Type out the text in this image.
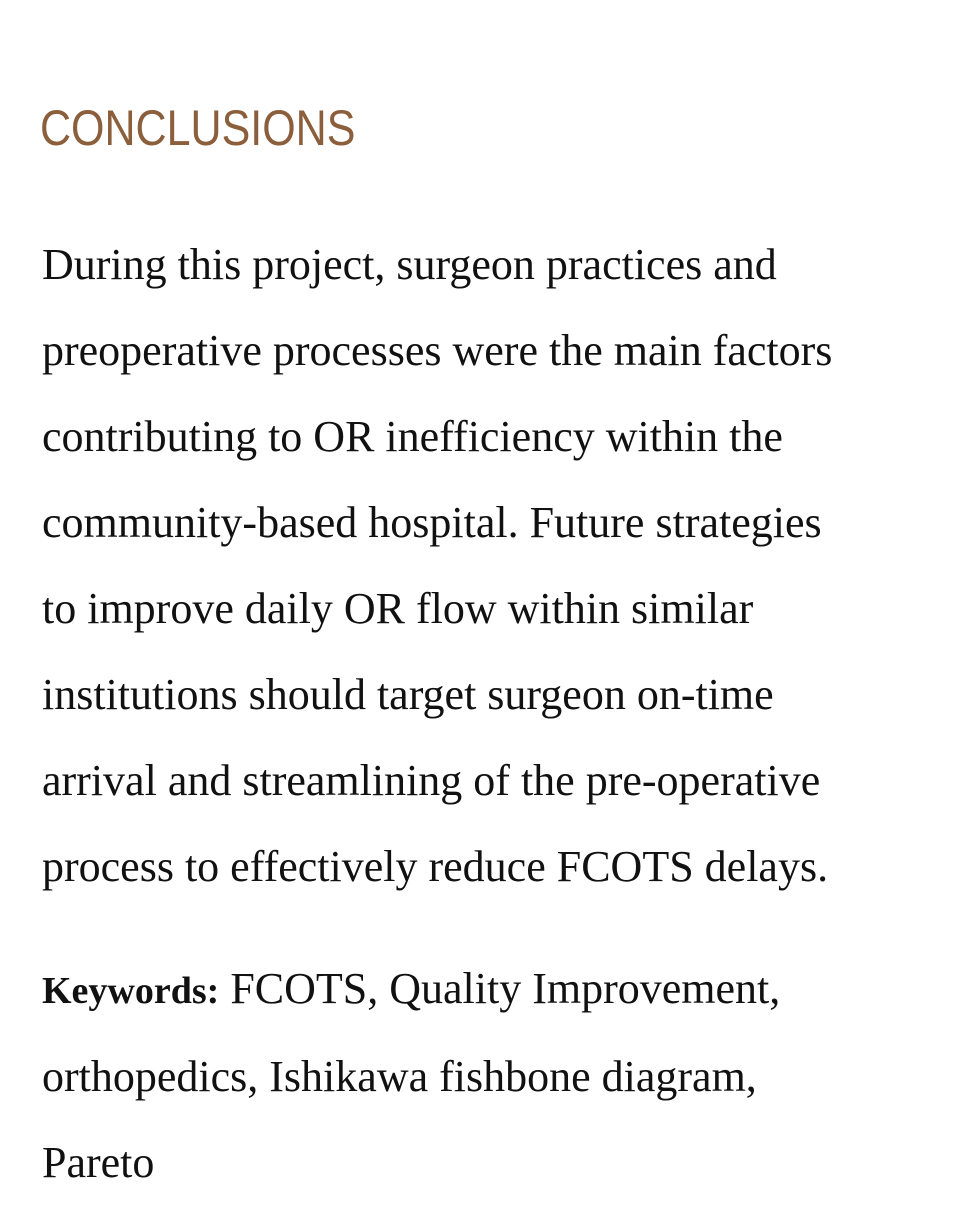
CONCLUSIONS

During this project, surgeon practices and
preoperative processes were the main factors
contributing to OR inefficiency within the
community-based hospital. Future strategies
to improve daily OR flow within similar
institutions should target surgeon on-time
arrival and streamlining of the pre-operative
process to effectively reduce FCOTS delays.

Keywords: FCOTS, Quality Improvement,
orthopedics, Ishikawa fishbone diagram,
Pareto
